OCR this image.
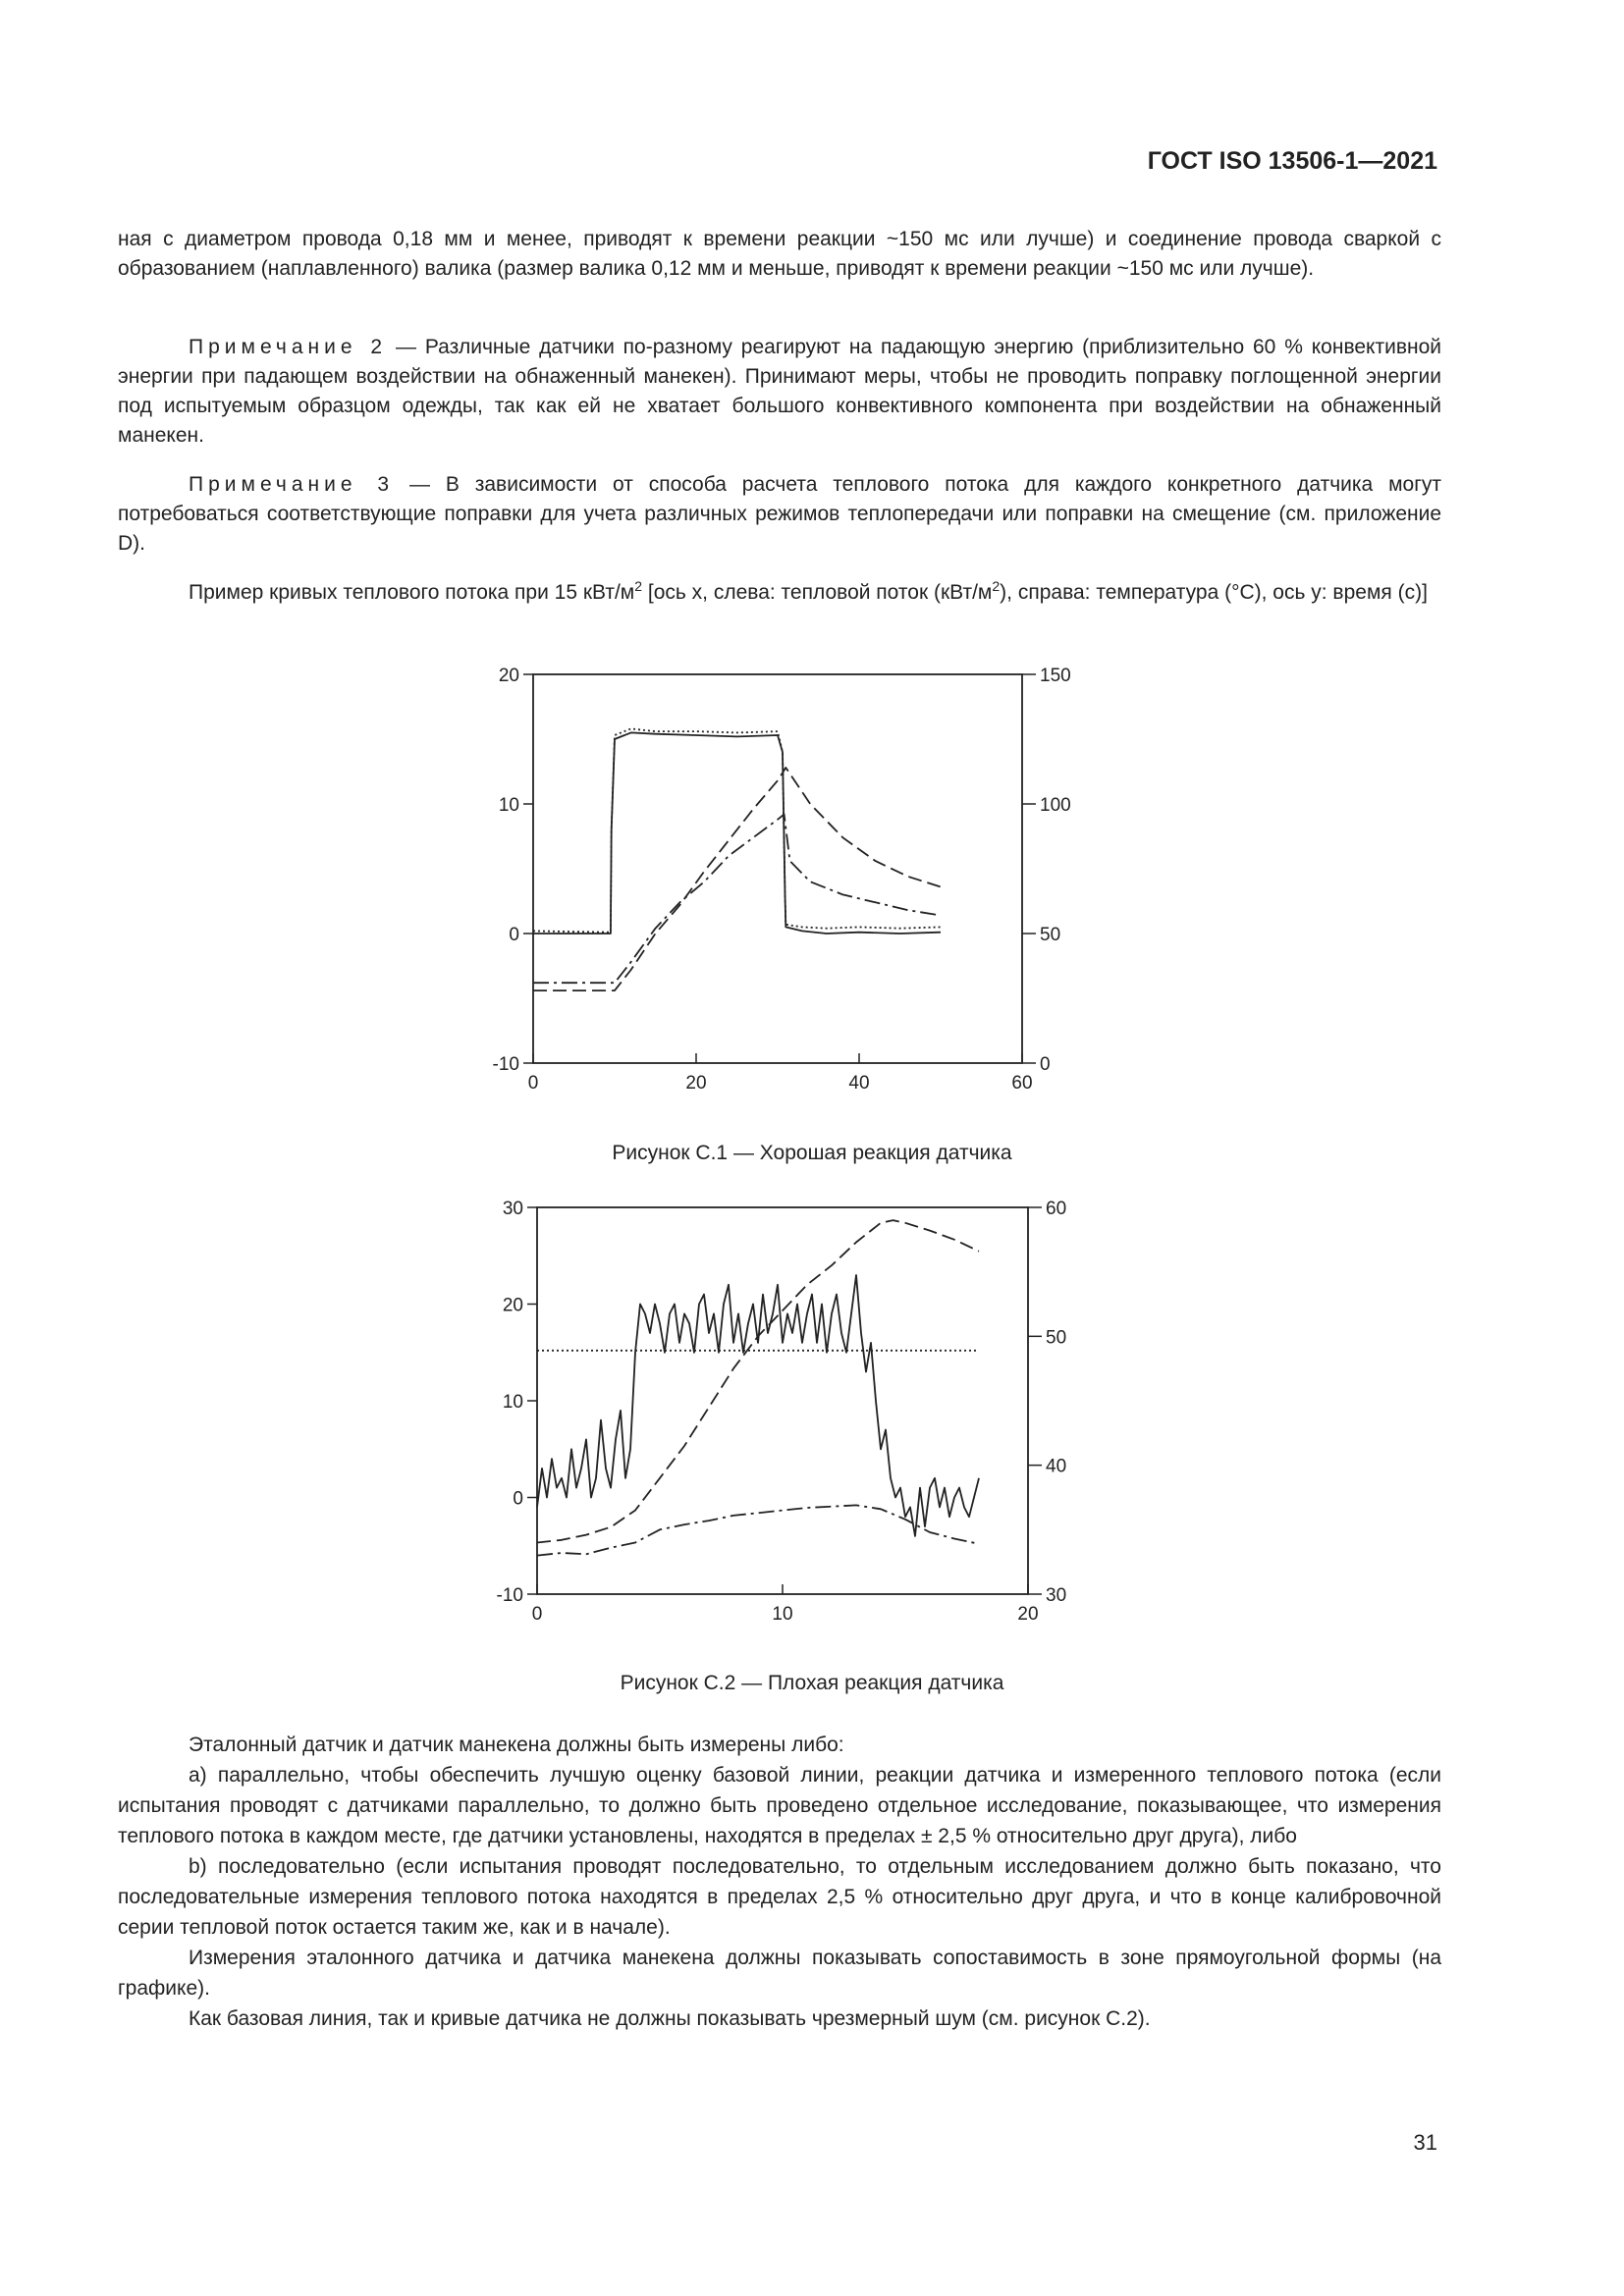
ГОСТ ISO 13506-1—2021

ная с диаметром провода 0,18 мм и менее, приводят к времени реакции ~150 мс или лучше) и соединение провода сваркой с образованием (наплавленного) валика (размер валика 0,12 мм и меньше, приводят к времени реакции ~150 мс или лучше).

Примечание 2 — Различные датчики по-разному реагируют на падающую энергию (приблизительно 60 % конвективной энергии при падающем воздействии на обнаженный манекен). Принимают меры, чтобы не проводить поправку поглощенной энергии под испытуемым образцом одежды, так как ей не хватает большого конвективного компонента при воздействии на обнаженный манекен.

Примечание 3 — В зависимости от способа расчета теплового потока для каждого конкретного датчика могут потребоваться соответствующие поправки для учета различных режимов теплопередачи или поправки на смещение (см. приложение D).

Пример кривых теплового потока при 15 кВт/$м^2$ [ось x, слева: тепловой поток $(кВт/м^2)$, справа: температура (°C), ось y: время (с)]

0	20	40	60
-10
0
10
20
0
50
100
150
Рисунок С.1 — Хорошая реакция датчика
0	10	20
-10
0
10
20
30
30
40
50
60
Рисунок С.2 — Плохая реакция датчика

Эталонный датчик и датчик манекена должны быть измерены либо:

а) параллельно, чтобы обеспечить лучшую оценку базовой линии, реакции датчика и измеренного теплового потока (если испытания проводят с датчиками параллельно, то должно быть проведено отдельное исследование, показывающее, что измерения теплового потока в каждом месте, где датчики установлены, находятся в пределах ± 2,5 % относительно друг друга), либо

b) последовательно (если испытания проводят последовательно, то отдельным исследованием должно быть показано, что последовательные измерения теплового потока находятся в пределах 2,5 % относительно друг друга, и что в конце калибровочной серии тепловой поток остается таким же, как и в начале).

Измерения эталонного датчика и датчика манекена должны показывать сопоставимость в зоне прямоугольной формы (на графике).

Как базовая линия, так и кривые датчика не должны показывать чрезмерный шум (см. рисунок С.2).

31
